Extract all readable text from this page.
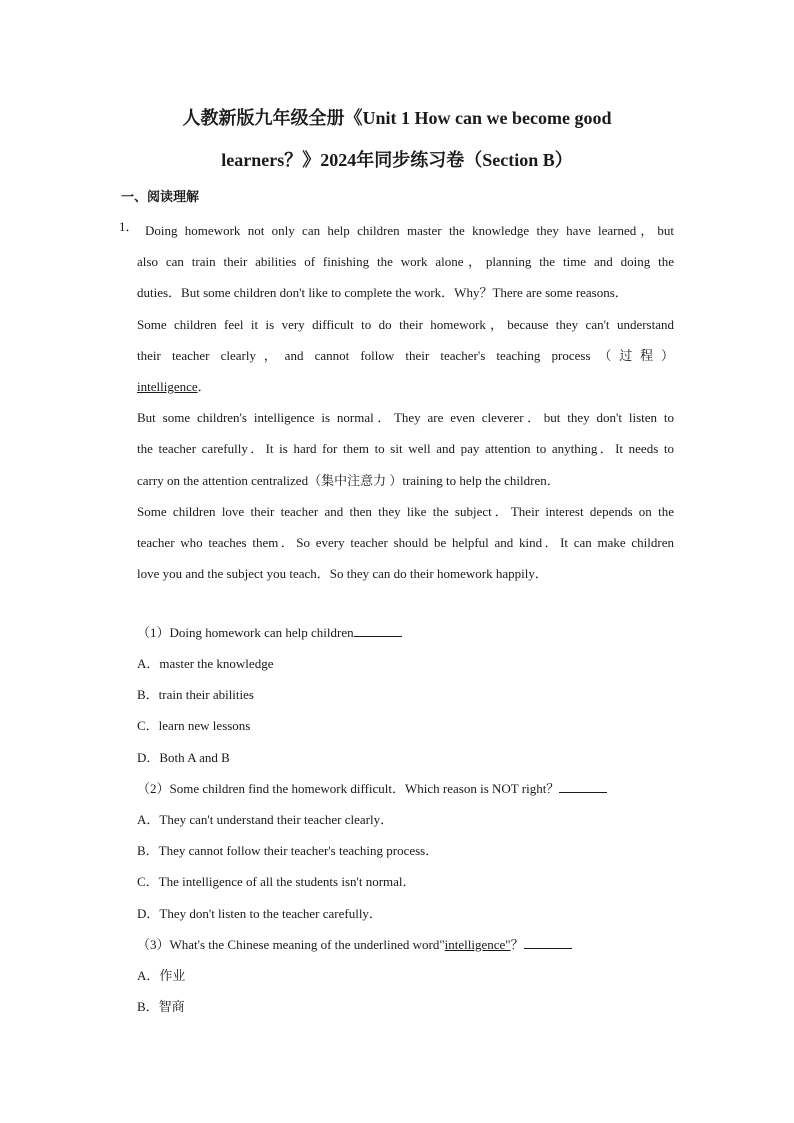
人教新版九年级全册《Unit 1 How can we become good
learners？》2024年同步练习卷（Section B）
一、阅读理解
1． Doing homework not only can help children master the knowledge they have learned，but
also can train their abilities of finishing the work alone，planning the time and doing the
duties．But some children don't like to complete the work．Why？There are some reasons．
Some children feel it is very difficult to do their homework，because they can't understand
their teacher clearly，and cannot follow their teacher's teaching process（过程）
intelligence．
But some children's intelligence is normal．They are even cleverer．but they don't listen to
the teacher carefully．It is hard for them to sit well and pay attention to anything．It needs to
carry on the attention centralized（集中注意力 ）training to help the children．
Some children love their teacher and then they like the subject．Their interest depends on the
teacher who teaches them．So every teacher should be helpful and kind．It can make children
love you and the subject you teach．So they can do their homework happily．
（1）Doing homework can help children
A．master the knowledge
B．train their abilities
C．learn new lessons
D．Both A and B
（2）Some children find the homework difficult．Which reason is NOT right？
A．They can't understand their teacher clearly．
B．They cannot follow their teacher's teaching process．
C．The intelligence of all the students isn't normal．
D．They don't listen to the teacher carefully．
（3）What's the Chinese meaning of the underlined word"intelligence"？
A．作业
B．智商
